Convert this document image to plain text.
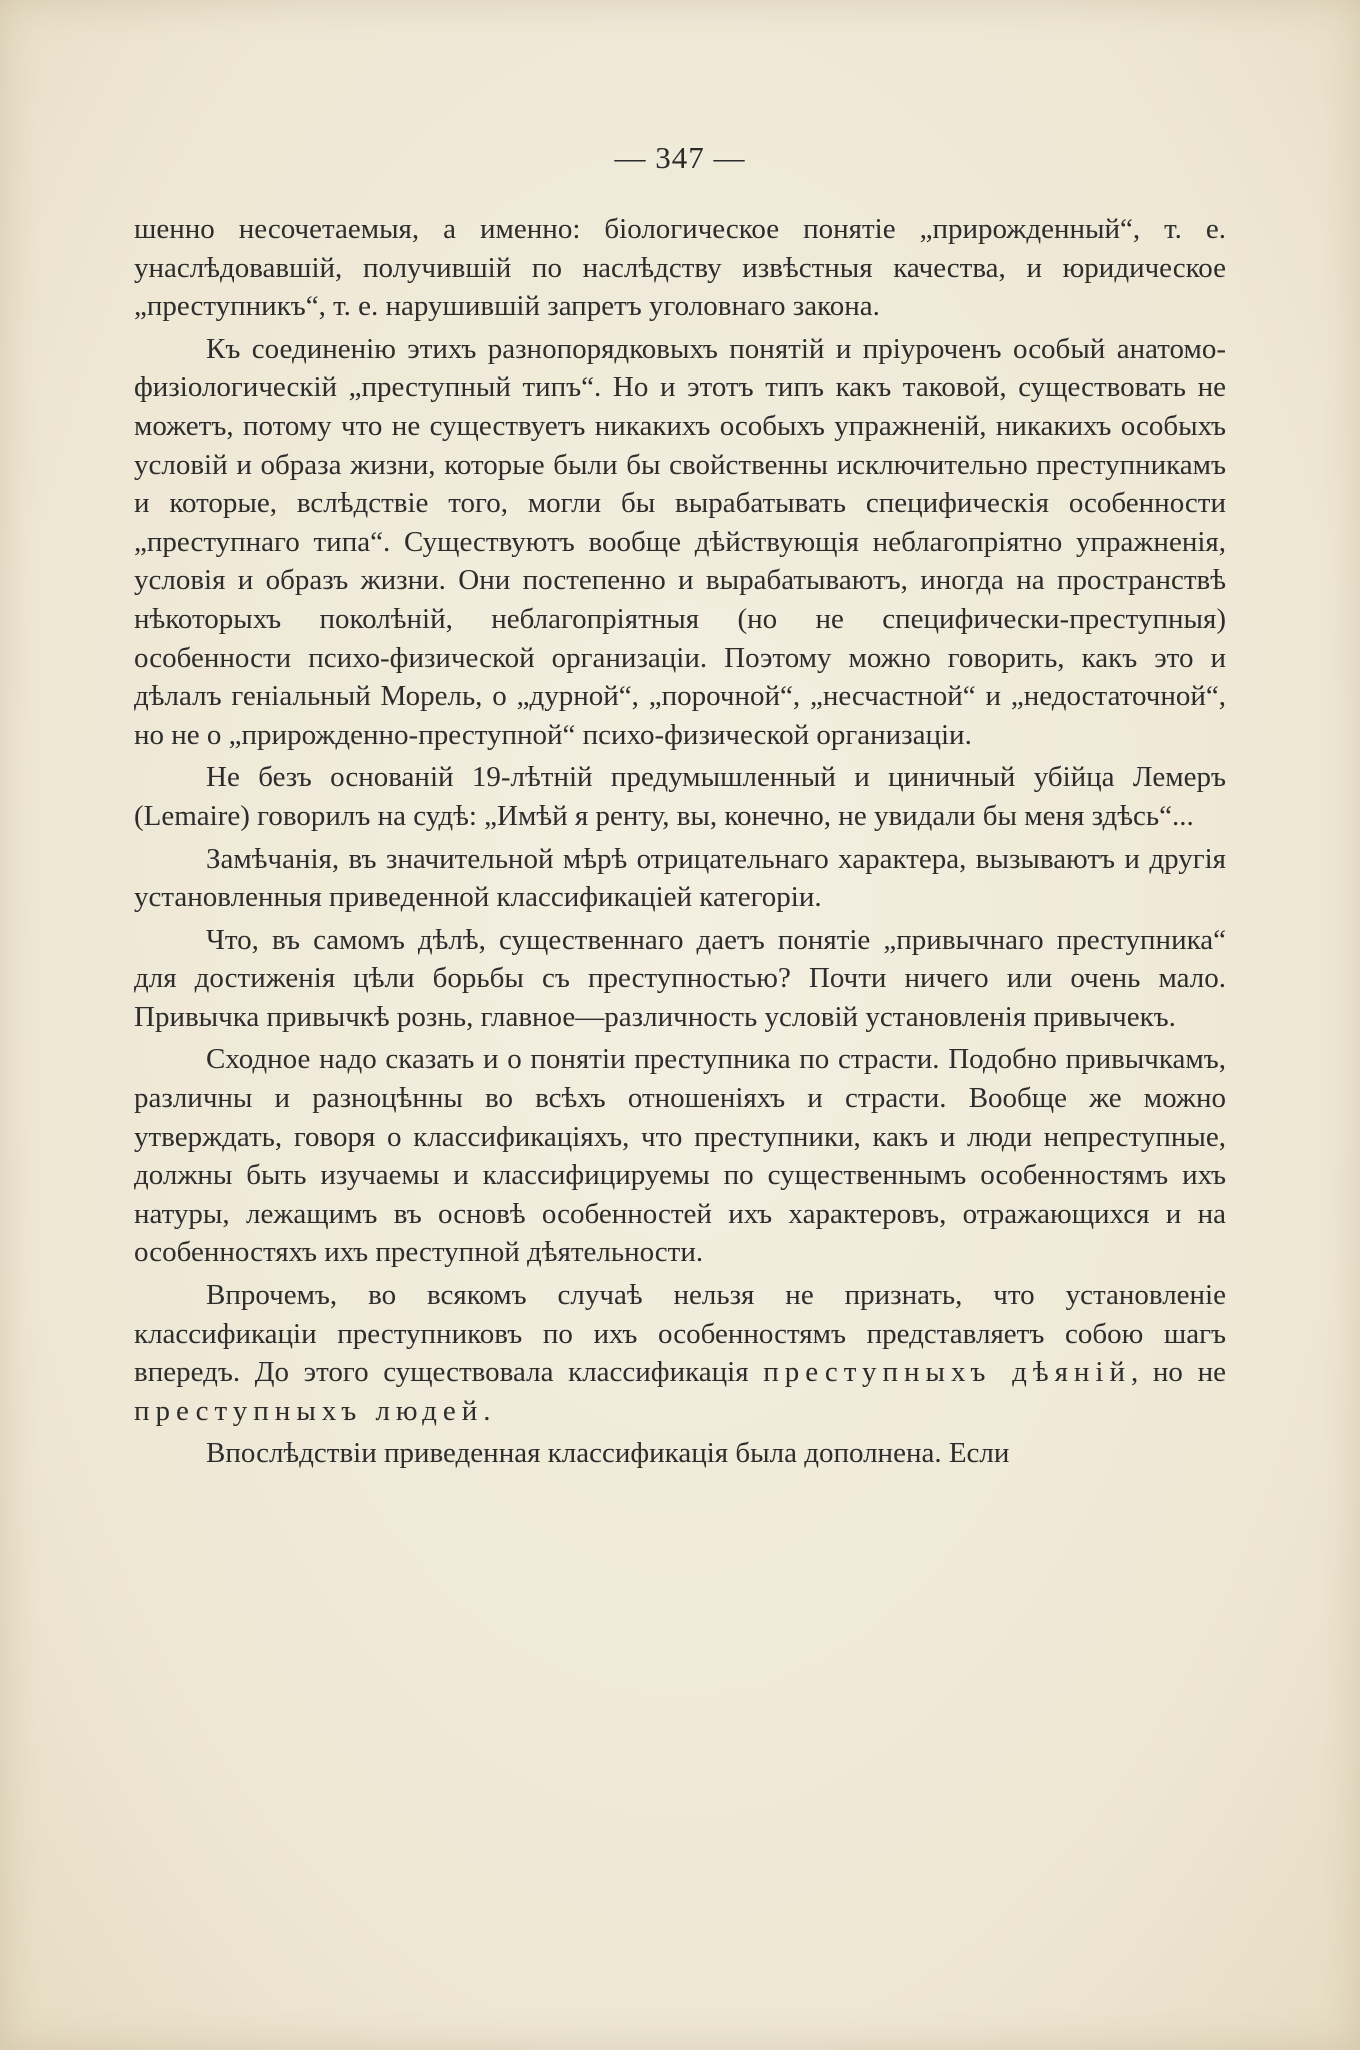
— 347 —

шенно несочетаемыя, а именно: біологическое понятіе „прирожденный“, т. е. унаслѣдовавшій, получившій по наслѣдству извѣстныя качества, и юридическое „преступникъ“, т. е. нарушившій запретъ уголовнаго закона.

Къ соединенію этихъ разнопорядковыхъ понятій и пріуроченъ особый анатомо-физіологическій „преступный типъ“. Но и этотъ типъ какъ таковой, существовать не можетъ, потому что не существуетъ никакихъ особыхъ упражненій, никакихъ особыхъ условій и образа жизни, которые были бы свойственны исключительно преступникамъ и которые, вслѣдствіе того, могли бы вырабатывать специфическія особенности „преступнаго типа“. Существуютъ вообще дѣйствующія неблагопріятно упражненія, условія и образъ жизни. Они постепенно и вырабатываютъ, иногда на пространствѣ нѣкоторыхъ поколѣній, неблагопріятныя (но не специфически-преступныя) особенности психо-физической организаціи. Поэтому можно говорить, какъ это и дѣлалъ геніальный Морель, о „дурной“, „порочной“, „несчастной“ и „недостаточной“, но не о „прирожденно-преступной“ психо-физической организаціи.

Не безъ основаній 19-лѣтній предумышленный и циничный убійца Лемеръ (Lemaire) говорилъ на судѣ: „Имѣй я ренту, вы, конечно, не увидали бы меня здѣсь“...

Замѣчанія, въ значительной мѣрѣ отрицательнаго характера, вызываютъ и другія установленныя приведенной классификаціей категоріи.

Что, въ самомъ дѣлѣ, существеннаго даетъ понятіе „привычнаго преступника“ для достиженія цѣли борьбы съ преступностью? Почти ничего или очень мало. Привычка привычкѣ рознь, главное—различность условій установленія привычекъ.

Сходное надо сказать и о понятіи преступника по страсти. Подобно привычкамъ, различны и разноцѣнны во всѣхъ отношеніяхъ и страсти. Вообще же можно утверждать, говоря о классификаціяхъ, что преступники, какъ и люди непреступные, должны быть изучаемы и классифицируемы по существеннымъ особенностямъ ихъ натуры, лежащимъ въ основѣ особенностей ихъ характеровъ, отражающихся и на особенностяхъ ихъ преступной дѣятельности.

Впрочемъ, во всякомъ случаѣ нельзя не признать, что установленіе классификаціи преступниковъ по ихъ особенностямъ представляетъ собою шагъ впередъ. До этого существовала классификація преступныхъ дѣяній, но не преступныхъ людей.

Впослѣдствіи приведенная классификація была дополнена. Если
